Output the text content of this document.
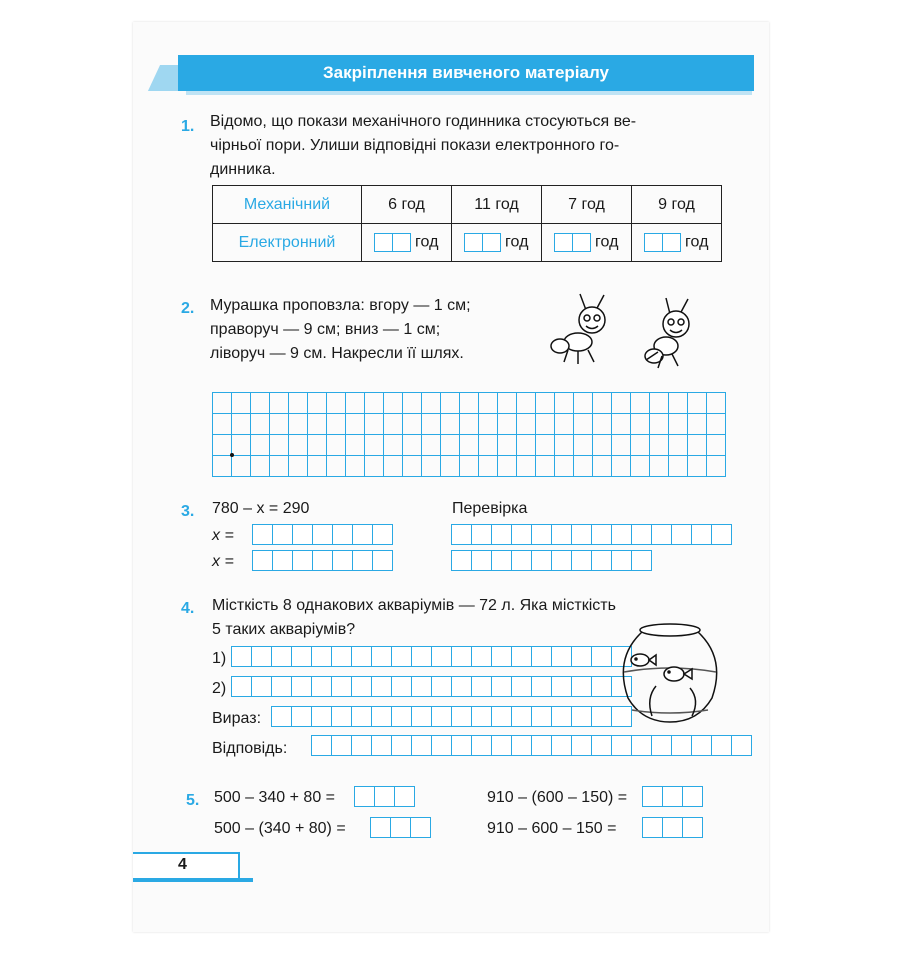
Закріплення вивченого матеріалу
1. Відомо, що покази механічного годинника стосуються ве-
чірньої пори. Улиши відповідні покази електронного го-
динника.
Механічний	6 год	11 год	7 год	9 год
Електронний	год	год	год	год
2. Мурашка проповзла: вгору — 1 см;
праворуч — 9 см; вниз — 1 см;
ліворуч — 9 см. Накресли її шлях.
3. 780 – x = 290	Перевірка
x =
x =
4. Місткість 8 однакових акваріумів — 72 л. Яка місткість
5 таких акваріумів?
1)
2)
Вираз:
Відповідь:
5. 500 – 340 + 80 =
500 – (340 + 80) =
910 – (600 – 150) =
910 – 600 – 150 =
4
